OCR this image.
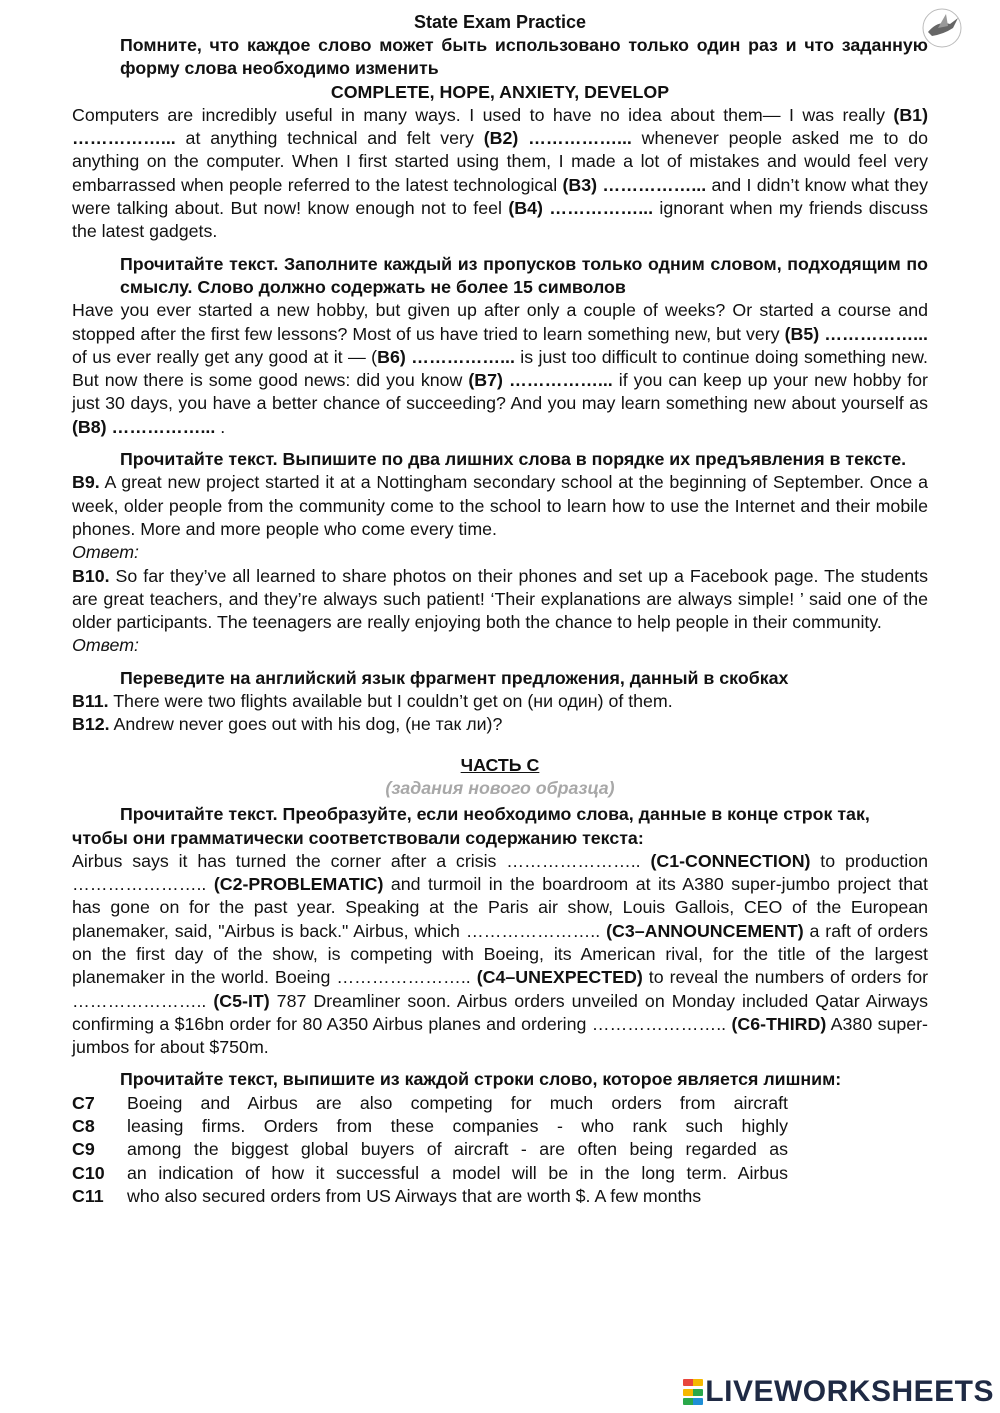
State Exam Practice
Помните, что каждое слово может быть использовано только один раз и что заданную форму слова необходимо изменить
COMPLETE, HOPE, ANXIETY, DEVELOP

Computers are incredibly useful in many ways. I used to have no idea about them— I was really (B1) ……………... at anything technical and felt very (B2) ……………... whenever people asked me to do anything on the computer. When I first started using them, I made a lot of mistakes and would feel very embarrassed when people referred to the latest technological (B3) ……………... and I didn’t know what they were talking about. But now! know enough not to feel (B4) ……………... ignorant when my friends discuss the latest gadgets.

Прочитайте текст. Заполните каждый из пропусков только одним словом, подходящим по смыслу. Слово должно содержать не более 15 символов

Have you ever started a new hobby, but given up after only a couple of weeks? Or started a course and stopped after the first few lessons? Most of us have tried to learn something new, but very (B5) ……………... of us ever really get any good at it — (B6) ……………... is just too difficult to continue doing something new. But now there is some good news: did you know (B7) ……………... if you can keep up your new hobby for just 30 days, you have a better chance of succeeding? And you may learn something new about yourself as (B8) ……………... .

Прочитайте текст. Выпишите по два лишних слова в порядке их предъявления в тексте.

B9. A great new project started it at a Nottingham secondary school at the beginning of September. Once a week, older people from the community come to the school to learn how to use the Internet and their mobile phones. More and more people who come every time.

Ответ:

B10. So far they’ve all learned to share photos on their phones and set up a Facebook page. The students are great teachers, and they’re always such patient! ‘Their explanations are always simple! ’ said one of the older participants. The teenagers are really enjoying both the chance to help people in their community.

Ответ:
Переведите на английский язык фрагмент предложения, данный в скобках
B11. There were two flights available but I couldn’t get on (ни один) of them.
B12. Andrew never goes out with his dog, (не так ли)?
ЧАСТЬ С
(задания нового образца)
Прочитайте текст. Преобразуйте, если необходимо слова, данные в конце строк так, чтобы они грамматически соответствовали содержанию текста:

Airbus says it has turned the corner after a crisis ………………….. (C1-CONNECTION) to production ………………….. (C2-PROBLEMATIC) and turmoil in the boardroom at its A380 super-jumbo project that has gone on for the past year. Speaking at the Paris air show, Louis Gallois, CEO of the European planemaker, said, "Airbus is back." Airbus, which ………………….. (C3–ANNOUNCEMENT) a raft of orders on the first day of the show, is competing with Boeing, its American rival, for the title of the largest planemaker in the world. Boeing ………………….. (C4–UNEXPECTED) to reveal the numbers of orders for ………………….. (C5-IT) 787 Dreamliner soon. Airbus orders unveiled on Monday included Qatar Airways confirming a $16bn order for 80 A350 Airbus planes and ordering ………………….. (C6-THIRD) A380 super-jumbos for about $750m.

Прочитайте текст, выпишите из каждой строки слово, которое является лишним:
C7	Boeing and Airbus are also competing for much orders from aircraft
C8	leasing firms. Orders from these companies - who rank such highly
C9	among the biggest global buyers of aircraft - are often being regarded as
C10	an indication of how it successful a model will be in the long term. Airbus
C11	who also secured orders from US Airways that are worth $. A few months
LIVEWORKSHEETS
